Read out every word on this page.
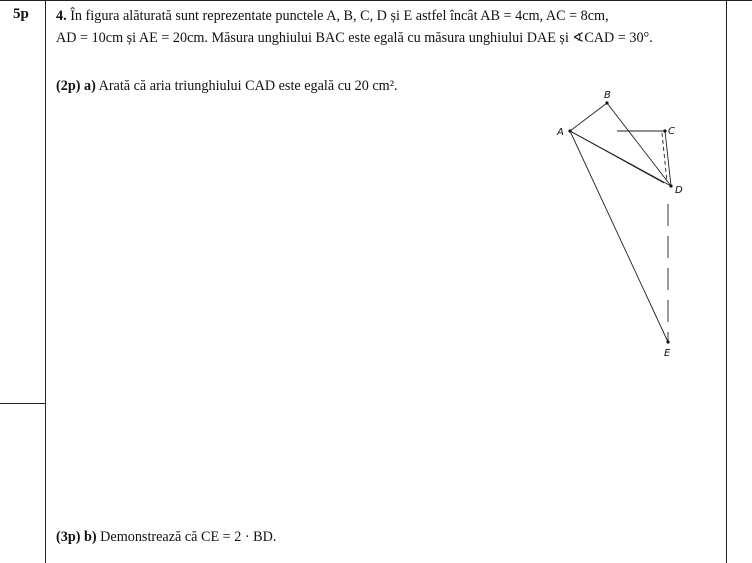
5p 4. În figura alăturată sunt reprezentate punctele A, B, C, D și E astfel încât AB = 4cm, AC = 8cm,
AD = 10cm și AE = 20cm. Măsura unghiului BAC este egală cu măsura unghiului DAE și ∢CAD = 30°.
(2p) a) Arată că aria triunghiului CAD este egală cu 20 cm².
(3p) b) Demonstrează că CE = 2 · BD.
A
B
C
D
E
